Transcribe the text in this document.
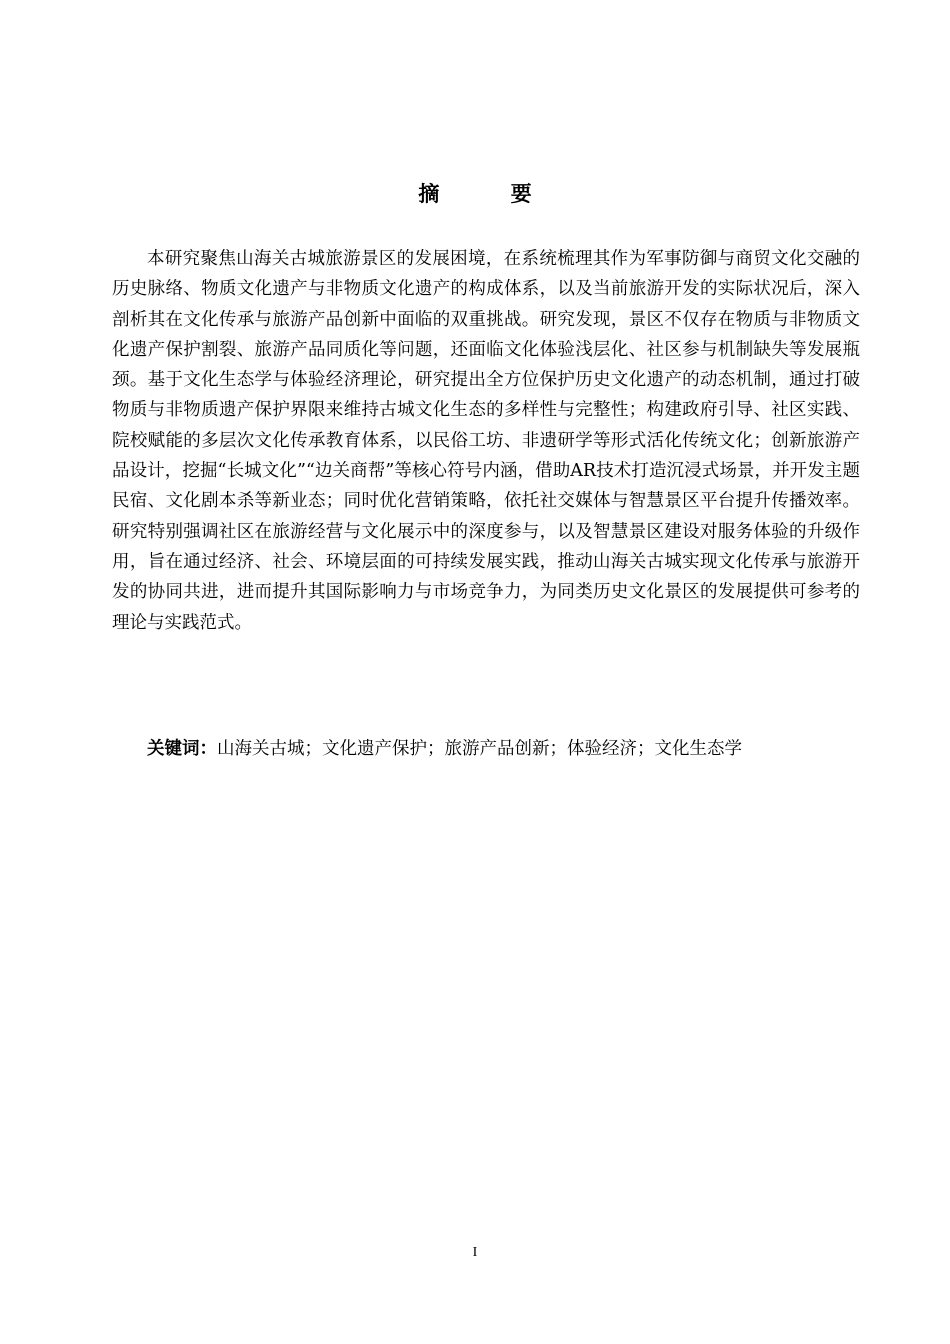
摘 要

本研究聚焦山海关古城旅游景区的发展困境，在系统梳理其作为军事防御与商贸文化交融的历史脉络、物质文化遗产与非物质文化遗产的构成体系，以及当前旅游开发的实际状况后，深入剖析其在文化传承与旅游产品创新中面临的双重挑战。研究发现，景区不仅存在物质与非物质文化遗产保护割裂、旅游产品同质化等问题，还面临文化体验浅层化、社区参与机制缺失等发展瓶颈。基于文化生态学与体验经济理论，研究提出全方位保护历史文化遗产的动态机制，通过打破物质与非物质遗产保护界限来维持古城文化生态的多样性与完整性；构建政府引导、社区实践、院校赋能的多层次文化传承教育体系，以民俗工坊、非遗研学等形式活化传统文化；创新旅游产品设计，挖掘“长城文化”“边关商帮”等核心符号内涵，借助AR技术打造沉浸式场景，并开发主题民宿、文化剧本杀等新业态；同时优化营销策略，依托社交媒体与智慧景区平台提升传播效率。研究特别强调社区在旅游经营与文化展示中的深度参与，以及智慧景区建设对服务体验的升级作用，旨在通过经济、社会、环境层面的可持续发展实践，推动山海关古城实现文化传承与旅游开发的协同共进，进而提升其国际影响力与市场竞争力，为同类历史文化景区的发展提供可参考的理论与实践范式。

关键词：山海关古城；文化遗产保护；旅游产品创新；体验经济；文化生态学

I
